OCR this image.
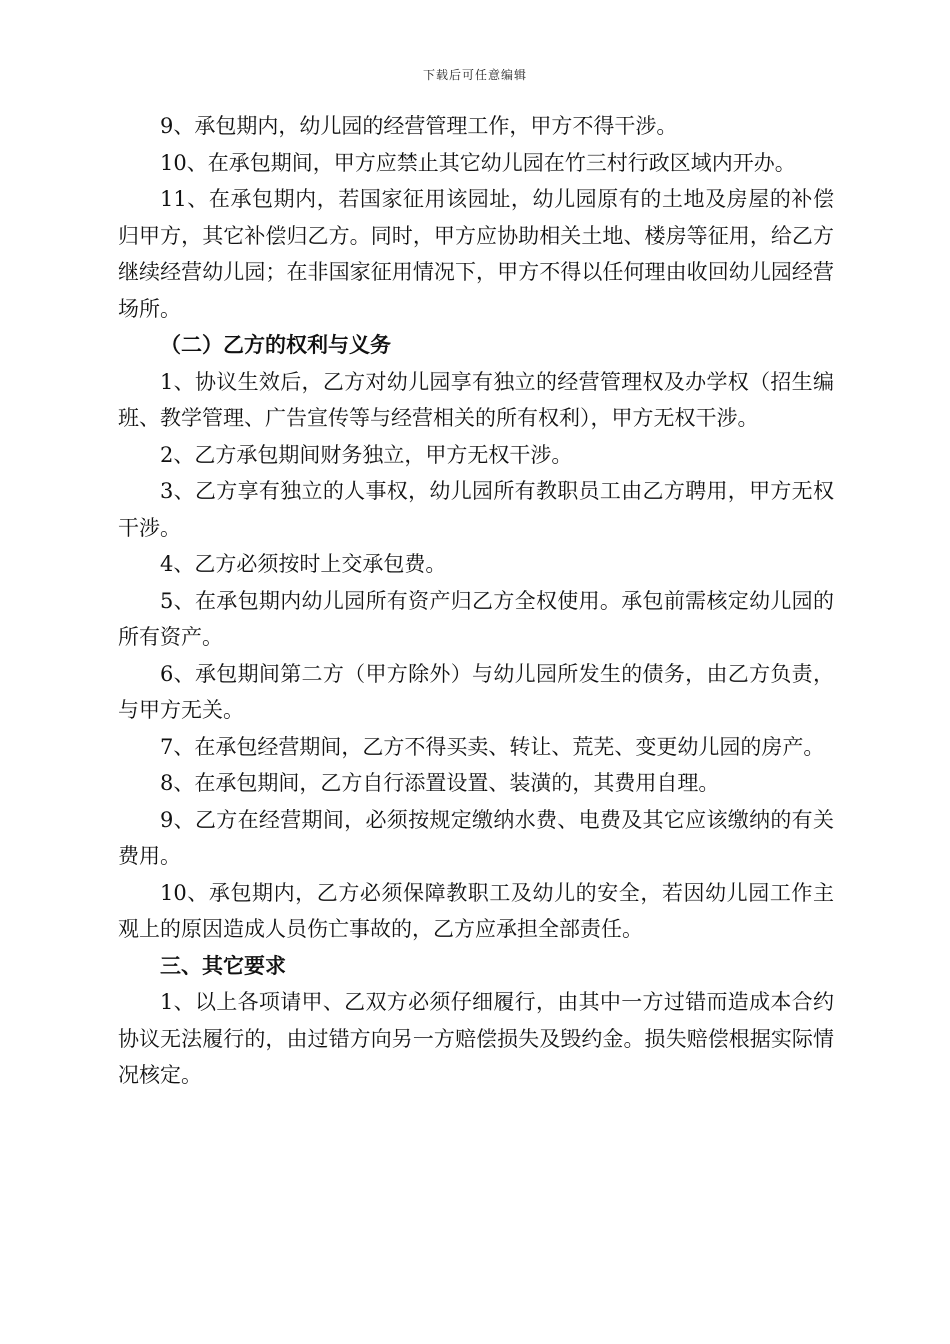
下载后可任意编辑

9、承包期内，幼儿园的经营管理工作，甲方不得干涉。

10、在承包期间，甲方应禁止其它幼儿园在竹三村行政区域内开办。

11、在承包期内，若国家征用该园址，幼儿园原有的土地及房屋的补偿归甲方，其它补偿归乙方。同时，甲方应协助相关土地、楼房等征用，给乙方继续经营幼儿园；在非国家征用情况下，甲方不得以任何理由收回幼儿园经营场所。

（二）乙方的权利与义务

1、协议生效后，乙方对幼儿园享有独立的经营管理权及办学权（招生编班、教学管理、广告宣传等与经营相关的所有权利），甲方无权干涉。

2、乙方承包期间财务独立，甲方无权干涉。

3、乙方享有独立的人事权，幼儿园所有教职员工由乙方聘用，甲方无权干涉。

4、乙方必须按时上交承包费。

5、在承包期内幼儿园所有资产归乙方全权使用。承包前需核定幼儿园的所有资产。

6、承包期间第二方（甲方除外）与幼儿园所发生的债务，由乙方负责，与甲方无关。

7、在承包经营期间，乙方不得买卖、转让、荒芜、变更幼儿园的房产。

8、在承包期间，乙方自行添置设置、装潢的，其费用自理。

9、乙方在经营期间，必须按规定缴纳水费、电费及其它应该缴纳的有关费用。

10、承包期内，乙方必须保障教职工及幼儿的安全，若因幼儿园工作主观上的原因造成人员伤亡事故的，乙方应承担全部责任。

三、其它要求

1、以上各项请甲、乙双方必须仔细履行，由其中一方过错而造成本合约协议无法履行的，由过错方向另一方赔偿损失及毁约金。损失赔偿根据实际情况核定。
